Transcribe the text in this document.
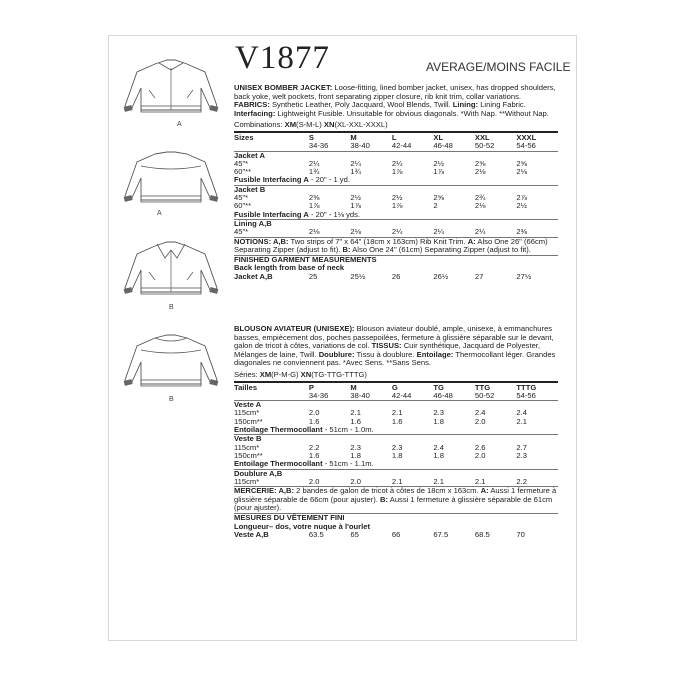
A
A
B
B
V1877	AVERAGE/MOINS FACILE

UNISEX BOMBER JACKET: Loose-fitting, lined bomber jacket, unisex, has dropped shoulders, back yoke, welt pockets, front separating zipper closure, rib knit trim, collar variations. FABRICS: Synthetic Leather, Poly Jacquard, Wool Blends, Twill. Lining: Lining Fabric. Interfacing: Lightweight Fusible. Unsuitable for obvious diagonals. *With Nap. **Without Nap.

Combinations: XM(S-M-L) XN(XL-XXL-XXXL)
Sizes	S	M	L	XL	XXL	XXXL
	34-36	38-40	42-44	46-48	50-52	54-56
Jacket A						
45"*	2¼	2¼	2¼	2½	2⅝	2⅝
60"**	1¾	1¾	1⅞	1⅞	2⅛	2⅛
Fusible Interfacing A - 20" - 1 yd.						
Jacket B						
45"*	2⅜	2½	2½	2⅝	2¾	2⅞
60"**	1⅞	1⅞	1⅞	2	2⅛	2½
Fusible Interfacing A - 20" - 1⅛ yds.						
Lining A,B						
45"*	2⅛	2⅛	2¼	2¼	2¼	2⅜
NOTIONS: A,B: Two strips of 7" x 64" (18cm x 163cm) Rib Knit Trim. A: Also One 26" (66cm) Separating Zipper (adjust to fit). B: Also One 24" (61cm) Separating Zipper (adjust to fit).
FINISHED GARMENT MEASUREMENTS
Back length from base of neck
Jacket A,B	25	25½	26	26½	27	27½

BLOUSON AVIATEUR (UNISEXE): Blouson aviateur doublé, ample, unisexe, à emmanchures basses, empiècement dos, poches passepoilées, fermeture à glissière séparable sur le devant, galon de tricot à côtes, variations de col. TISSUS: Cuir synthétique, Jacquard de Polyester, Mélanges de laine, Twill. Doublure: Tissu à doublure. Entoilage: Thermocollant léger. Grandes diagonales ne conviennent pas. *Avec Sens. **Sans Sens.

Séries: XM(P-M-G) XN(TG-TTG-TTTG)
Tailles	P	M	G	TG	TTG	TTTG
	34-36	38-40	42-44	46-48	50-52	54-56
Veste A						
115cm*	2.0	2.1	2.1	2.3	2.4	2.4
150cm**	1.6	1.6	1.6	1.8	2.0	2.1
Entoilage Thermocollant - 51cm - 1.0m.						
Veste B						
115cm*	2.2	2.3	2.3	2.4	2.6	2.7
150cm**	1.6	1.8	1.8	1.8	2.0	2.3
Entoilage Thermocollant - 51cm - 1.1m.						
Doublure A,B						
115cm*	2.0	2.0	2.1	2.1	2.1	2.2
MERCERIE: A,B: 2 bandes de galon de tricot à côtes de 18cm x 163cm. A: Aussi 1 fermeture à glissière séparable de 66cm (pour ajuster). B: Aussi 1 fermeture à glissière séparable de 61cm (pour ajuster).
MESURES DU VÊTEMENT FINI
Longueur– dos, votre nuque à l'ourlet
Veste A,B	63.5	65	66	67.5	68.5	70
